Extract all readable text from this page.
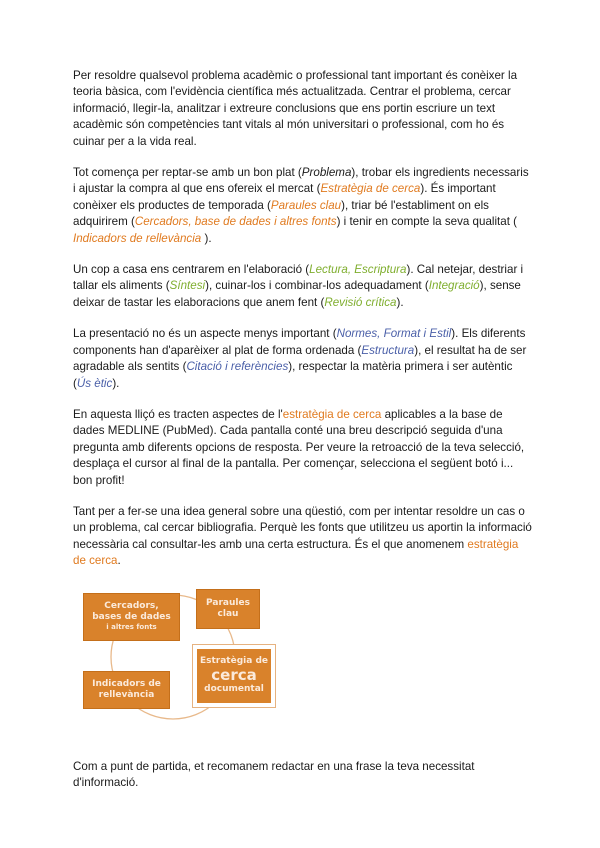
Per resoldre qualsevol problema acadèmic o professional tant important és conèixer la teoria bàsica, com l'evidència científica més actualitzada. Centrar el problema, cercar informació, llegir-la, analitzar i extreure conclusions que ens portin escriure un text acadèmic són competències tant vitals al món universitari o professional, com ho és cuinar per a la vida real.

Tot comença per reptar-se amb un bon plat (Problema), trobar els ingredients necessaris i ajustar la compra al que ens ofereix el mercat (Estratègia de cerca). És important conèixer els productes de temporada (Paraules clau), triar bé l'establiment on els adquirirem (Cercadors, base de dades i altres fonts) i tenir en compte la seva qualitat ( Indicadors de rellevància ).

Un cop a casa ens centrarem en l'elaboració (Lectura, Escriptura). Cal netejar, destriar i tallar els aliments (Síntesi), cuinar-los i combinar-los adequadament (Integració), sense deixar de tastar les elaboracions que anem fent (Revisió crítica).

La presentació no és un aspecte menys important (Normes, Format i Estil). Els diferents components han d'aparèixer al plat de forma ordenada (Estructura), el resultat ha de ser agradable als sentits (Citació i referències), respectar la matèria primera i ser autèntic (Ús ètic).

En aquesta lliçó es tracten aspectes de l'estratègia de cerca aplicables a la base de dades MEDLINE (PubMed). Cada pantalla conté una breu descripció seguida d'una pregunta amb diferents opcions de resposta. Per veure la retroacció de la teva selecció, desplaça el cursor al final de la pantalla. Per començar, selecciona el següent botó i... bon profit!

Tant per a fer-se una idea general sobre una qüestió, com per intentar resoldre un cas o un problema, cal cercar bibliografia. Perquè les fonts que utilitzeu us aportin la informació necessària cal consultar-les amb una certa estructura. És el que anomenem estratègia de cerca.

Cercadors,
bases de dades
i altres fonts
Paraules
clau
Indicadors de
rellevància
Estratègia de
cerca
documental

Com a punt de partida, et recomanem redactar en una frase la teva necessitat d'informació.
